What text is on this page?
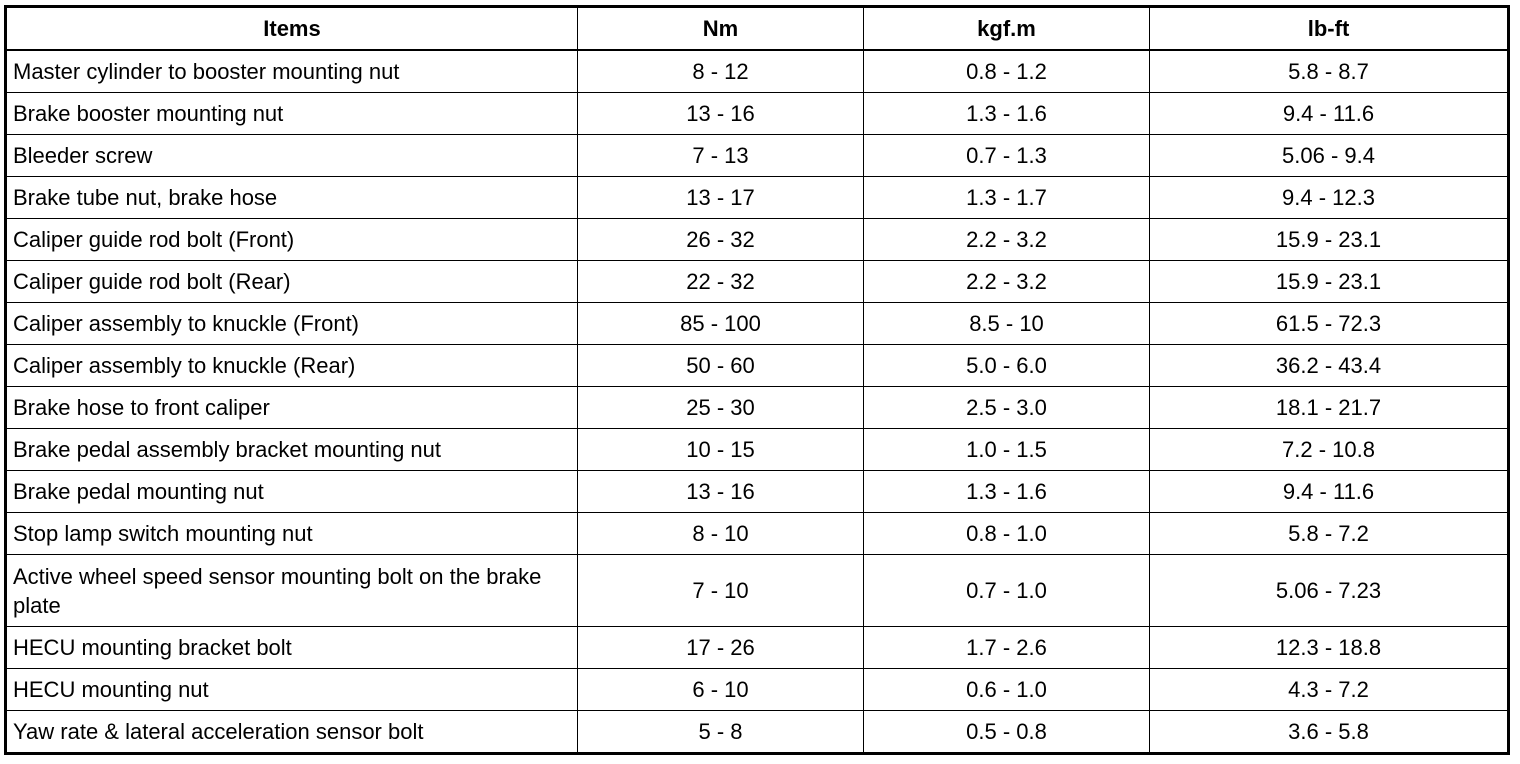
Items	Nm	kgf.m	lb-ft
Master cylinder to booster mounting nut	8 - 12	0.8 - 1.2	5.8 - 8.7
Brake booster mounting nut	13 - 16	1.3 - 1.6	9.4 - 11.6
Bleeder screw	7 - 13	0.7 - 1.3	5.06 - 9.4
Brake tube nut, brake hose	13 - 17	1.3 - 1.7	9.4 - 12.3
Caliper guide rod bolt (Front)	26 - 32	2.2 - 3.2	15.9 - 23.1
Caliper guide rod bolt (Rear)	22 - 32	2.2 - 3.2	15.9 - 23.1
Caliper assembly to knuckle (Front)	85 - 100	8.5 - 10	61.5 - 72.3
Caliper assembly to knuckle (Rear)	50 - 60	5.0 - 6.0	36.2 - 43.4
Brake hose to front caliper	25 - 30	2.5 - 3.0	18.1 - 21.7
Brake pedal assembly bracket mounting nut	10 - 15	1.0 - 1.5	7.2 - 10.8
Brake pedal mounting nut	13 - 16	1.3 - 1.6	9.4 - 11.6
Stop lamp switch mounting nut	8 - 10	0.8 - 1.0	5.8 - 7.2
Active wheel speed sensor mounting bolt on the brake plate	7 - 10	0.7 - 1.0	5.06 - 7.23
HECU mounting bracket bolt	17 - 26	1.7 - 2.6	12.3 - 18.8
HECU mounting nut	6 - 10	0.6 - 1.0	4.3 - 7.2
Yaw rate & lateral acceleration sensor bolt	5 - 8	0.5 - 0.8	3.6 - 5.8
